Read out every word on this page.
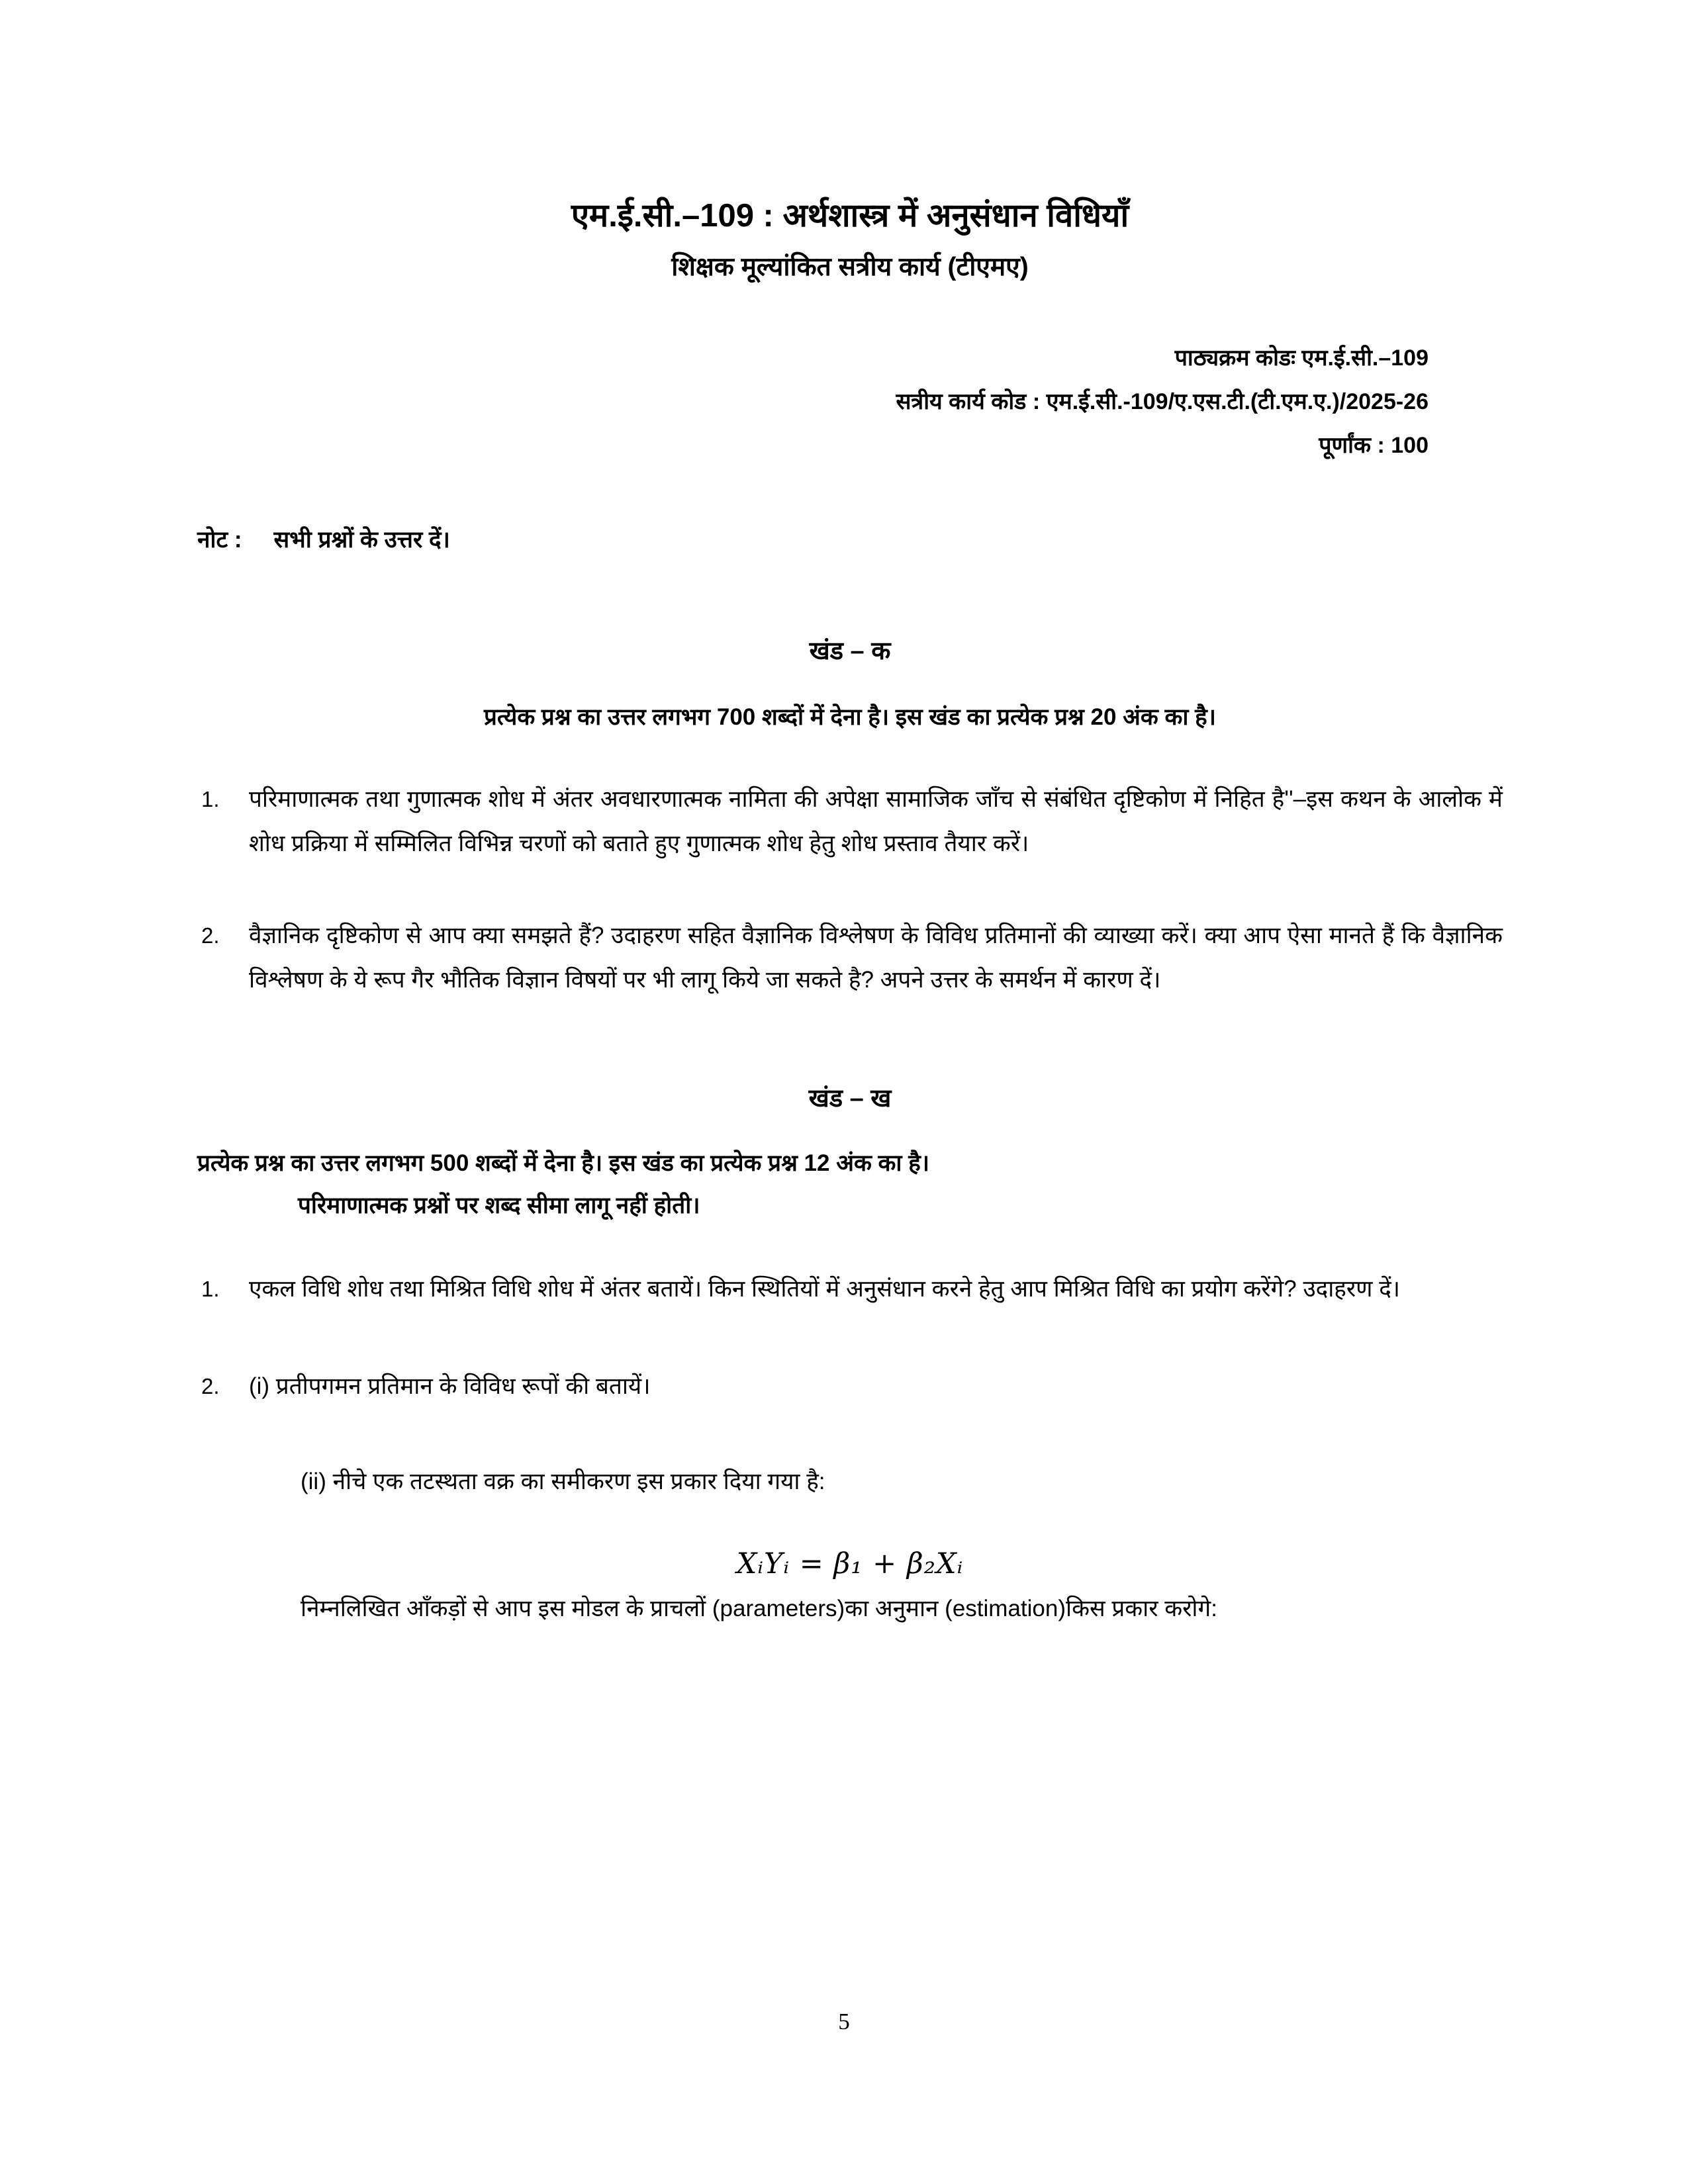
एम.ई.सी.–109 : अर्थशास्त्र में अनुसंधान विधियाँ
शिक्षक मूल्यांकित सत्रीय कार्य (टीएमए)
पाठ्यक्रम कोडः एम.ई.सी.–109
सत्रीय कार्य कोड : एम.ई.सी.-109/ए.एस.टी.(टी.एम.ए.)/2025-26
पूर्णांक : 100
नोट : सभी प्रश्नों के उत्तर दें।
खंड – क
प्रत्येक प्रश्न का उत्तर लगभग 700 शब्दों में देना है। इस खंड का प्रत्येक प्रश्न 20 अंक का है।
1.	परिमाणात्मक तथा गुणात्मक शोध में अंतर अवधारणात्मक नामिता की अपेक्षा सामाजिक जाँच से संबंधित दृष्टिकोण में निहित है''–इस कथन के आलोक में शोध प्रक्रिया में सम्मिलित विभिन्न चरणों को बताते हुए गुणात्मक शोध हेतु शोध प्रस्ताव तैयार करें।
2.	वैज्ञानिक दृष्टिकोण से आप क्या समझते हैं? उदाहरण सहित वैज्ञानिक विश्लेषण के विविध प्रतिमानों की व्याख्या करें। क्या आप ऐसा मानते हैं कि वैज्ञानिक विश्लेषण के ये रूप गैर भौतिक विज्ञान विषयों पर भी लागू किये जा सकते है? अपने उत्तर के समर्थन में कारण दें।
खंड – ख
प्रत्येक प्रश्न का उत्तर लगभग 500 शब्दों में देना है। इस खंड का प्रत्येक प्रश्न 12 अंक का है।
परिमाणात्मक प्रश्नों पर शब्द सीमा लागू नहीं होती।
1.	एकल विधि शोध तथा मिश्रित विधि शोध में अंतर बतायें। किन स्थितियों में अनुसंधान करने हेतु आप मिश्रित विधि का प्रयोग करेंगे? उदाहरण दें।
2.	(i) प्रतीपगमन प्रतिमान के विविध रूपों की बतायें।
(ii) नीचे एक तटस्थता वक्र का समीकरण इस प्रकार दिया गया है:
XᵢYᵢ = β₁ + β₂Xᵢ
निम्नलिखित आँकड़ों से आप इस मोडल के प्राचलों (parameters)का अनुमान (estimation)किस प्रकार करोगे:
5
